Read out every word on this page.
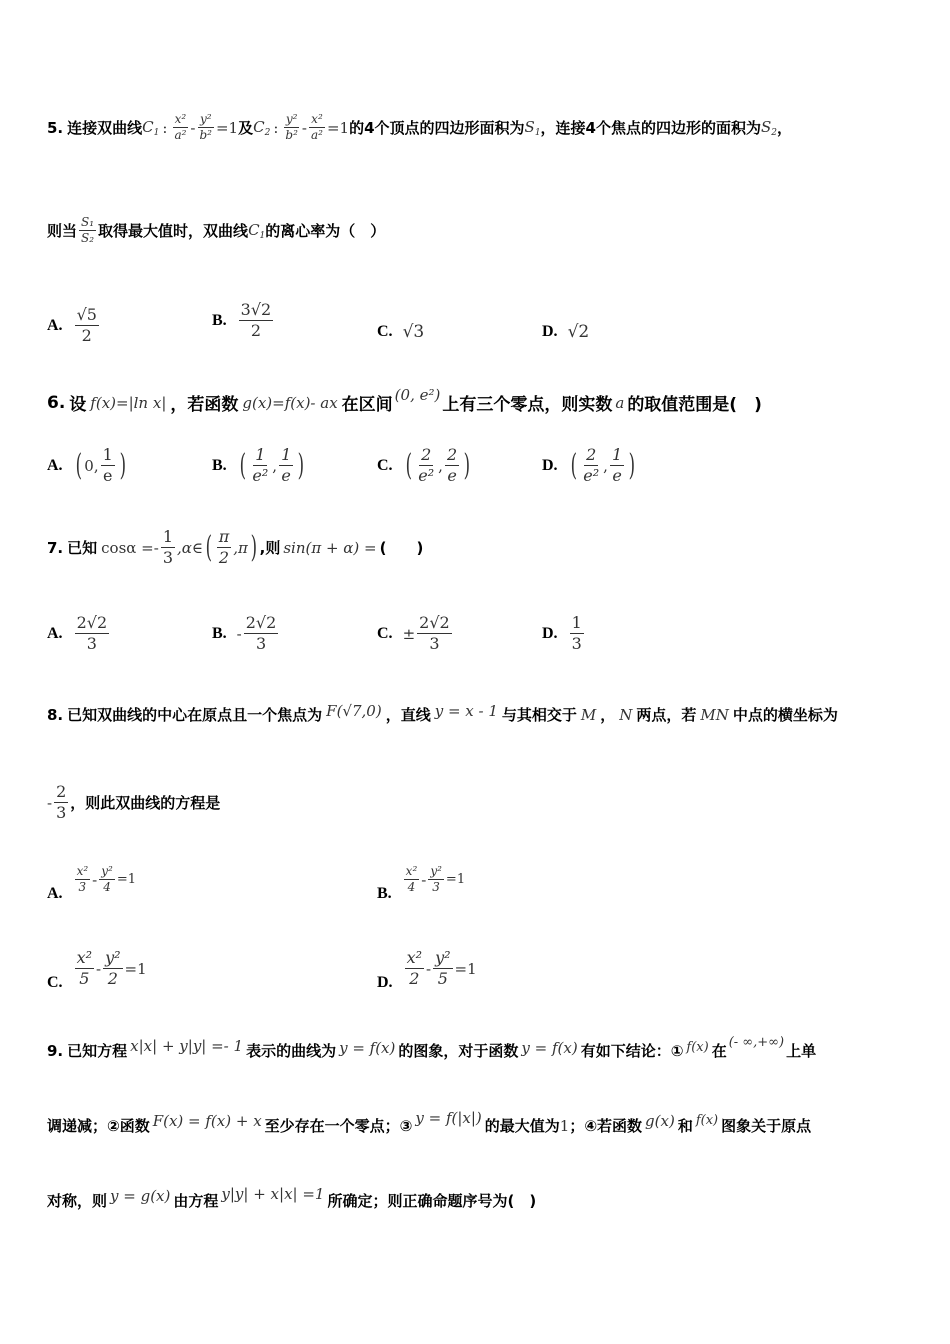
5. 连接双曲线 $C_1$ : $\frac{\text{x²}}{\text{a²}} - \frac{\text{y²}}{\text{b²}} =1$ 及 $C_2$ : $\frac{\text{y²}}{\text{b²}} - \frac{\text{x²}}{\text{a²}} =1$ 的4个顶点的四边形面积为 $S_1$ ，连接4个焦点的四边形的面积为 $S_2$ ，
则当 $\frac{\text{S₁}}{\text{S₂}}$ 取得最大值时，双曲线 $C_1$ 的离心率为（　）
A. $\frac{√5}{2}$	B. $\frac{3√2}{2}$	C. √3	D. √2
6. 设 f(x)=|ln x| ，若函数 g(x)=f(x)- ax 在区间
(0, e²)
上有三个零点，则实数 a 的取值范围是(　)
A. ( 0, $\frac{1}{e}$ )	B. ( $\frac{1}{\text{e²}}$ , $\frac{1}{e}$ )	C. ( $\frac{2}{\text{e²}}$ , $\frac{2}{e}$ )	D. ( $\frac{2}{\text{e²}}$ , $\frac{1}{e}$ )
7. 已知 $\cos\alpha =- \frac{1}{3}$ ,α∈ ( $\frac{\pi}{2} ,\pi$ ) ,则 sin(π + α) = (　　)
A. $\frac{2√2}{3}$	B. - $\frac{2√2}{3}$	C. ± $\frac{2√2}{3}$	D. $\frac{1}{3}$
8. 已知双曲线的中心在原点且一个焦点为 F(√7,0) ，直线 y = x - 1 与其相交于 M ， N 两点，若 MN 中点的横坐标为
- $\frac{2}{3}$ ，则此双曲线的方程是
A. $\frac{\text{x²}}{3} - \frac{\text{y²}}{4} =1$
B. $\frac{\text{x²}}{4} - \frac{\text{y²}}{3} =1$
C. $\frac{\text{x²}}{5} - \frac{\text{y²}}{2} =1$
D. $\frac{\text{x²}}{2} - \frac{\text{y²}}{5} =1$
9. 已知方程 x|x| + y|y| =- 1 表示的曲线为 y = f(x) 的图象，对于函数 y = f(x) 有如下结论：① f(x) 在 (- ∞,+∞) 上单
调递减；②函数 F(x) = f(x) + x 至少存在一个零点；③ y = f(|x|) 的最大值为 1 ；④若函数 g(x) 和 f(x) 图象关于原点
对称，则 y = g(x) 由方程 y|y| + x|x| =1 所确定；则正确命题序号为(　)
